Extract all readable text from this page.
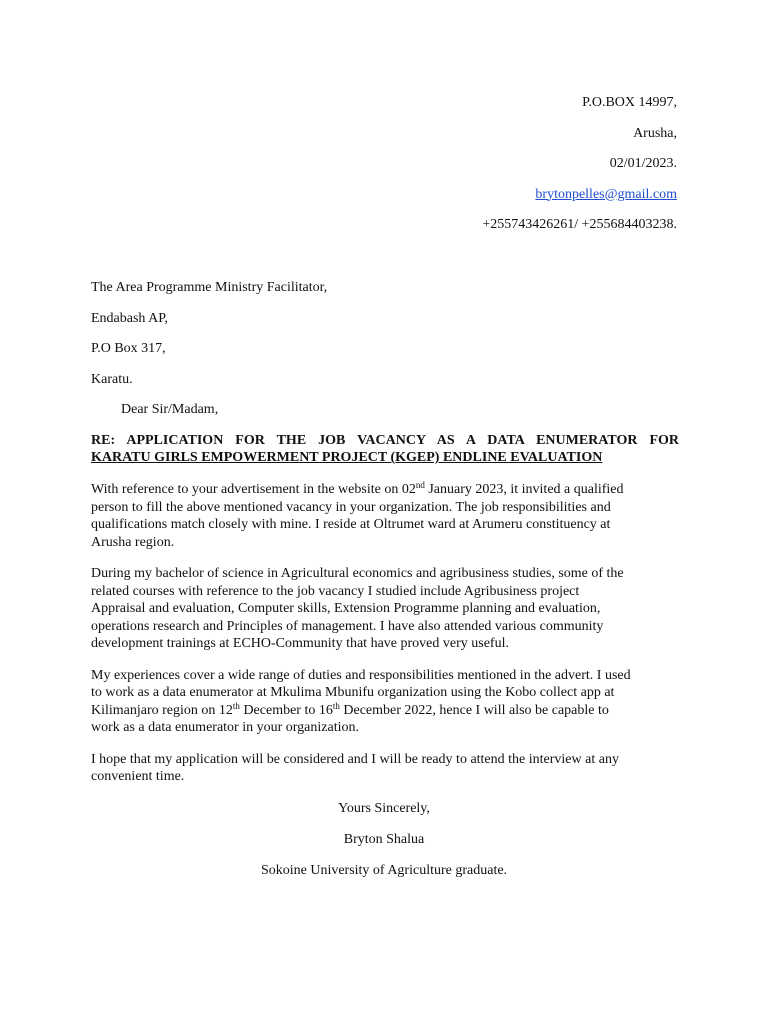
P.O.BOX 14997,
Arusha,
02/01/2023.
brytonpelles@gmail.com
+255743426261/ +255684403238.
The Area Programme Ministry Facilitator,
Endabash AP,
P.O Box 317,
Karatu.
Dear Sir/Madam,
RE: APPLICATION FOR THE JOB VACANCY AS A DATA ENUMERATOR FOR
KARATU GIRLS EMPOWERMENT PROJECT (KGEP) ENDLINE EVALUATION

With reference to your advertisement in the website on 02nd January 2023, it invited a qualified
person to fill the above mentioned vacancy in your organization. The job responsibilities and
qualifications match closely with mine. I reside at Oltrumet ward at Arumeru constituency at
Arusha region.

During my bachelor of science in Agricultural economics and agribusiness studies, some of the
related courses with reference to the job vacancy I studied include Agribusiness project
Appraisal and evaluation, Computer skills, Extension Programme planning and evaluation,
operations research and Principles of management. I have also attended various community
development trainings at ECHO-Community that have proved very useful.

My experiences cover a wide range of duties and responsibilities mentioned in the advert. I used
to work as a data enumerator at Mkulima Mbunifu organization using the Kobo collect app at
Kilimanjaro region on 12th December to 16th December 2022, hence I will also be capable to
work as a data enumerator in your organization.

I hope that my application will be considered and I will be ready to attend the interview at any
convenient time.

Yours Sincerely,
Bryton Shalua
Sokoine University of Agriculture graduate.
